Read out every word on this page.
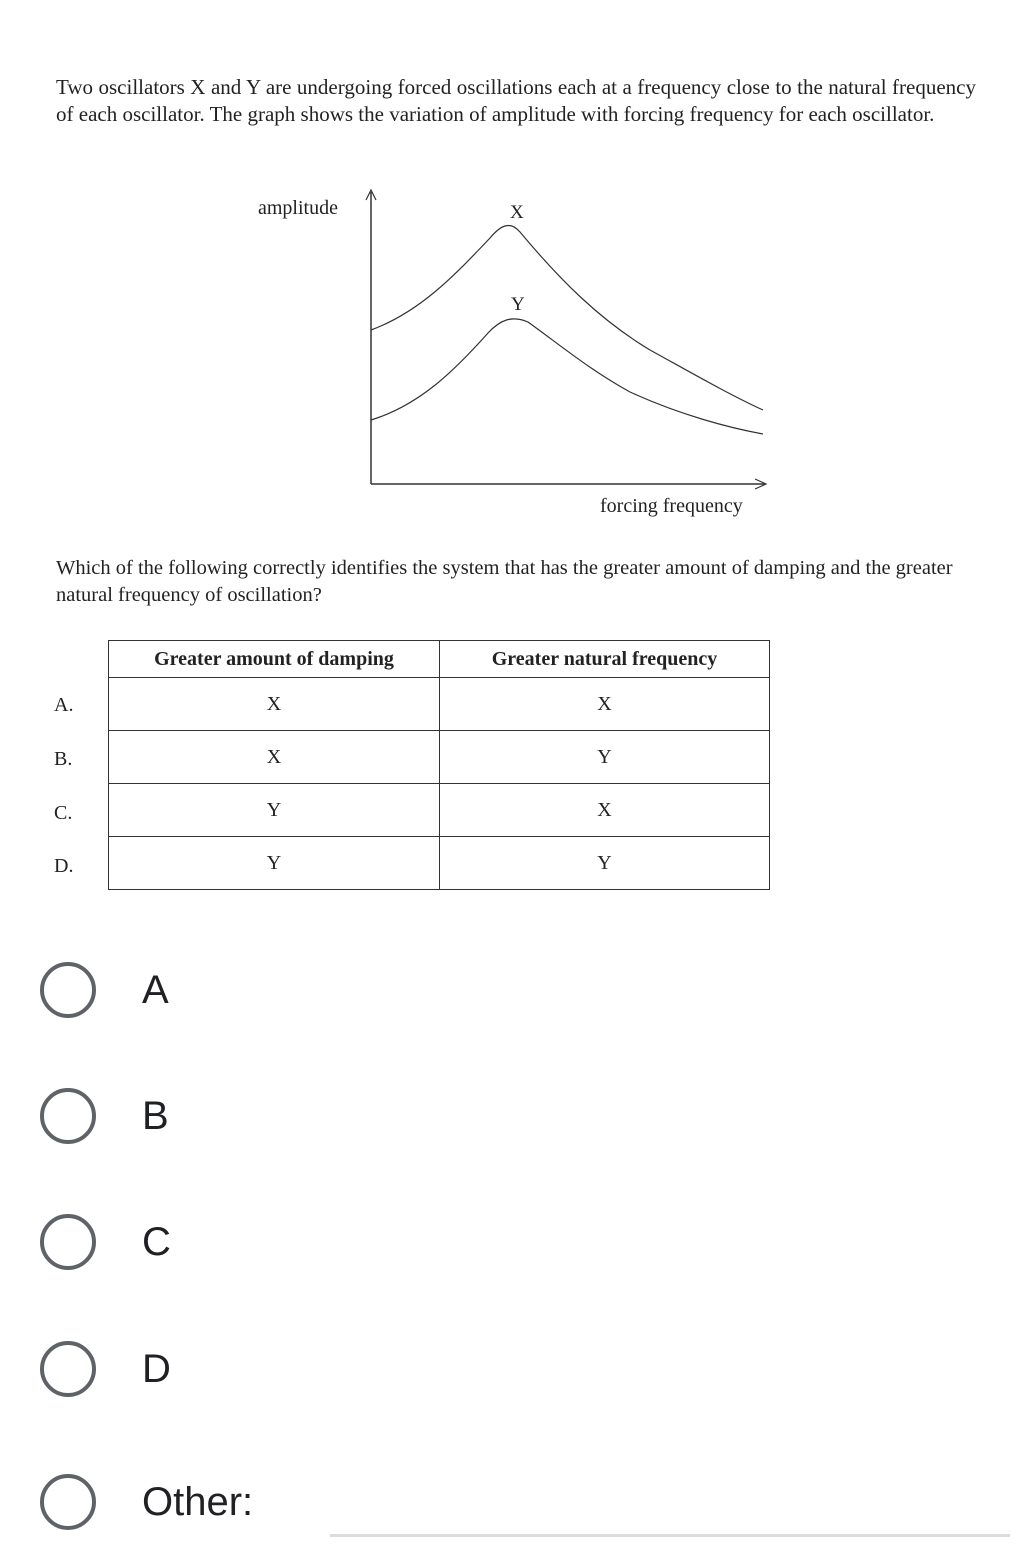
Two oscillators X and Y are undergoing forced oscillations each at a frequency close to the natural frequency of each oscillator. The graph shows the variation of amplitude with forcing frequency for each oscillator.

amplitude
forcing frequency
X
Y

Which of the following correctly identifies the system that has the greater amount of damping and the greater natural frequency of oscillation?

A.
B.
C.
D.
Greater amount of damping	Greater natural frequency
X	X
X	Y
Y	X
Y	Y
A
B
C
D
Other:
